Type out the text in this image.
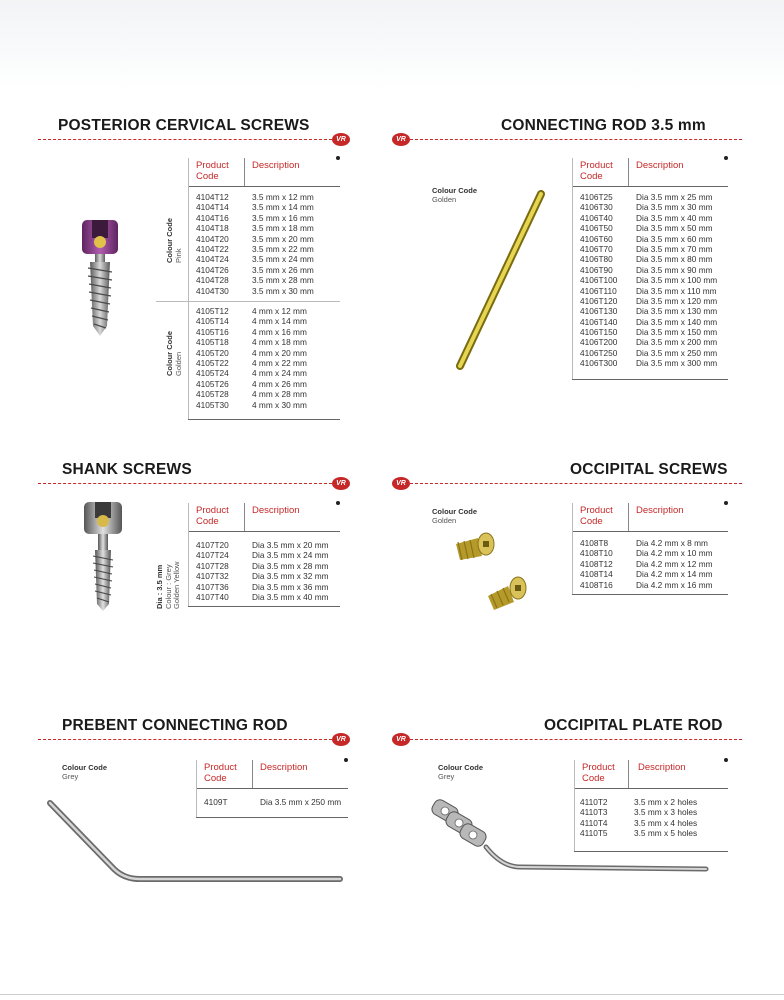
POSTERIOR CERVICAL SCREWS
VR
Colour Code Pink
Colour Code Golden
Product Code
Description
4104T12	3.5 mm x 12 mm
4104T14	3.5 mm x 14 mm
4104T16	3.5 mm x 16 mm
4104T18	3.5 mm x 18 mm
4104T20	3.5 mm x 20 mm
4104T22	3.5 mm x 22 mm
4104T24	3.5 mm x 24 mm
4104T26	3.5 mm x 26 mm
4104T28	3.5 mm x 28 mm
4104T30	3.5 mm x 30 mm
4105T12	4 mm x 12 mm
4105T14	4 mm x 14 mm
4105T16	4 mm x 16 mm
4105T18	4 mm x 18 mm
4105T20	4 mm x 20 mm
4105T22	4 mm x 22 mm
4105T24	4 mm x 24 mm
4105T26	4 mm x 26 mm
4105T28	4 mm x 28 mm
4105T30	4 mm x 30 mm
CONNECTING ROD 3.5 mm
VR
Colour Code
Golden
Product Code
Description
4106T25	Dia 3.5 mm x 25 mm
4106T30	Dia 3.5 mm x 30 mm
4106T40	Dia 3.5 mm x 40 mm
4106T50	Dia 3.5 mm x 50 mm
4106T60	Dia 3.5 mm x 60 mm
4106T70	Dia 3.5 mm x 70 mm
4106T80	Dia 3.5 mm x 80 mm
4106T90	Dia 3.5 mm x 90 mm
4106T100 Dia 3.5 mm x 100 mm
4106T110 Dia 3.5 mm x 110 mm
4106T120 Dia 3.5 mm x 120 mm
4106T130 Dia 3.5 mm x 130 mm
4106T140 Dia 3.5 mm x 140 mm
4106T150 Dia 3.5 mm x 150 mm
4106T200 Dia 3.5 mm x 200 mm
4106T250 Dia 3.5 mm x 250 mm
4106T300 Dia 3.5 mm x 300 mm
SHANK SCREWS
VR
Dia : 3.5 mm Colour : Grey Golden Yellow
Product Code
Description
4107T20	Dia 3.5 mm x 20 mm
4107T24	Dia 3.5 mm x 24 mm
4107T28	Dia 3.5 mm x 28 mm
4107T32	Dia 3.5 mm x 32 mm
4107T36	Dia 3.5 mm x 36 mm
4107T40	Dia 3.5 mm x 40 mm
OCCIPITAL SCREWS
VR
Colour Code
Golden
Product Code
Description
4108T8	Dia 4.2 mm x 8 mm
4108T10	Dia 4.2 mm x 10 mm
4108T12	Dia 4.2 mm x 12 mm
4108T14	Dia 4.2 mm x 14 mm
4108T16	Dia 4.2 mm x 16 mm
PREBENT CONNECTING ROD
VR
Colour Code
Grey
Product Code
Description
4109T	Dia 3.5 mm x 250 mm
OCCIPITAL PLATE ROD
VR
Colour Code
Grey
Product Code
Description
4110T2	3.5 mm x 2 holes
4110T3	3.5 mm x 3 holes
4110T4	3.5 mm x 4 holes
4110T5	3.5 mm x 5 holes
